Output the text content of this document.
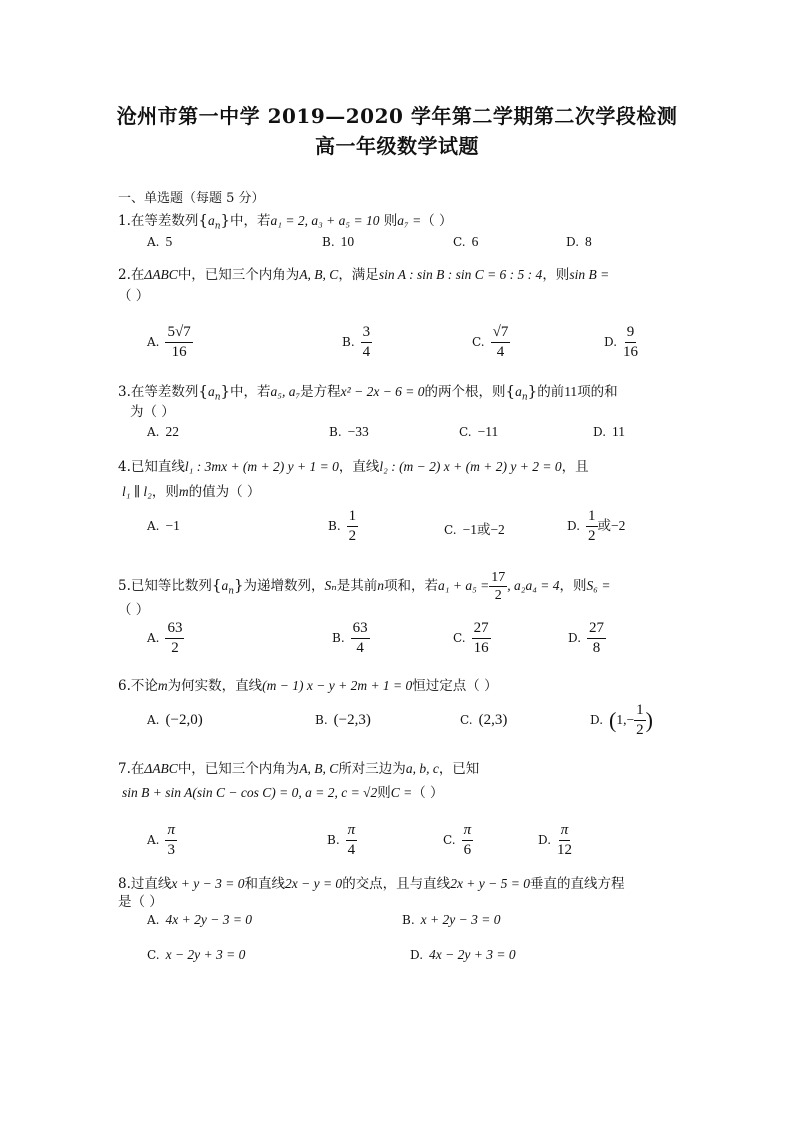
沧州市第一中学 2019—2020 学年第二学期第二次学段检测
高一年级数学试题
一、单选题（每题 5 分）
1.在等差数列$\{a_n\}$中，若a₁ = 2, a₃ + a₅ = 10 则a₇ =（ ）
A. 5	B. 10	C. 6	D. 8
2.在ΔABC中，已知三个内角为A, B, C，满足sin A : sin B : sin C = 6 : 5 : 4，则sin B =
（ ）
A. $\frac{5√7}{16}$	B. $\frac{3}{4}$	C. $\frac{√7}{4}$	D. $\frac{9}{16}$
3.在等差数列$\{a_n\}$中，若a₅, a₇是方程x² − 2x − 6 = 0的两个根，则$\{a_n\}$的前11项的和
为（ ）
A. 22	B. −33	C. −11	D. 11
4.已知直线l₁ : 3mx + (m + 2) y + 1 = 0，直线l₂ : (m − 2) x + (m + 2) y + 2 = 0，且
l₁ ∥ l₂，则m的值为（ ）
A. −1	B. $\frac{1}{2}$	C. −1或−2	D. $\frac{1}{2}$ 或−2
5.已知等比数列$\{a_n\}$为递增数列，Sₙ是其前n项和，若$a_1 + a_5 = \frac{17}{2}$ , a₂a₄ = 4，则S₆ =
（ ）
A. $\frac{63}{2}$	B. $\frac{63}{4}$	C. $\frac{27}{16}$	D. $\frac{27}{8}$
6.不论m为何实数，直线(m − 1) x − y + 2m + 1 = 0恒过定点（ ）
A. (−2,0)	B. (−2,3)	C. (2,3)	D. ($1,- \frac{1}{2}$ )
7.在ΔABC中，已知三个内角为A, B, C所对三边为a, b, c，已知
sin B + sin A(sin C − cos C) = 0, a = 2, c = √2则C =（ ）
A. $\frac{\pi}{3}$	B. $\frac{\pi}{4}$	C. $\frac{\pi}{6}$	D. $\frac{\pi}{12}$
8.过直线x + y − 3 = 0和直线2x − y = 0的交点，且与直线2x + y − 5 = 0垂直的直线方程
是（ ）
A. 4x + 2y − 3 = 0	B. x + 2y − 3 = 0
C. x − 2y + 3 = 0	D. 4x − 2y + 3 = 0
